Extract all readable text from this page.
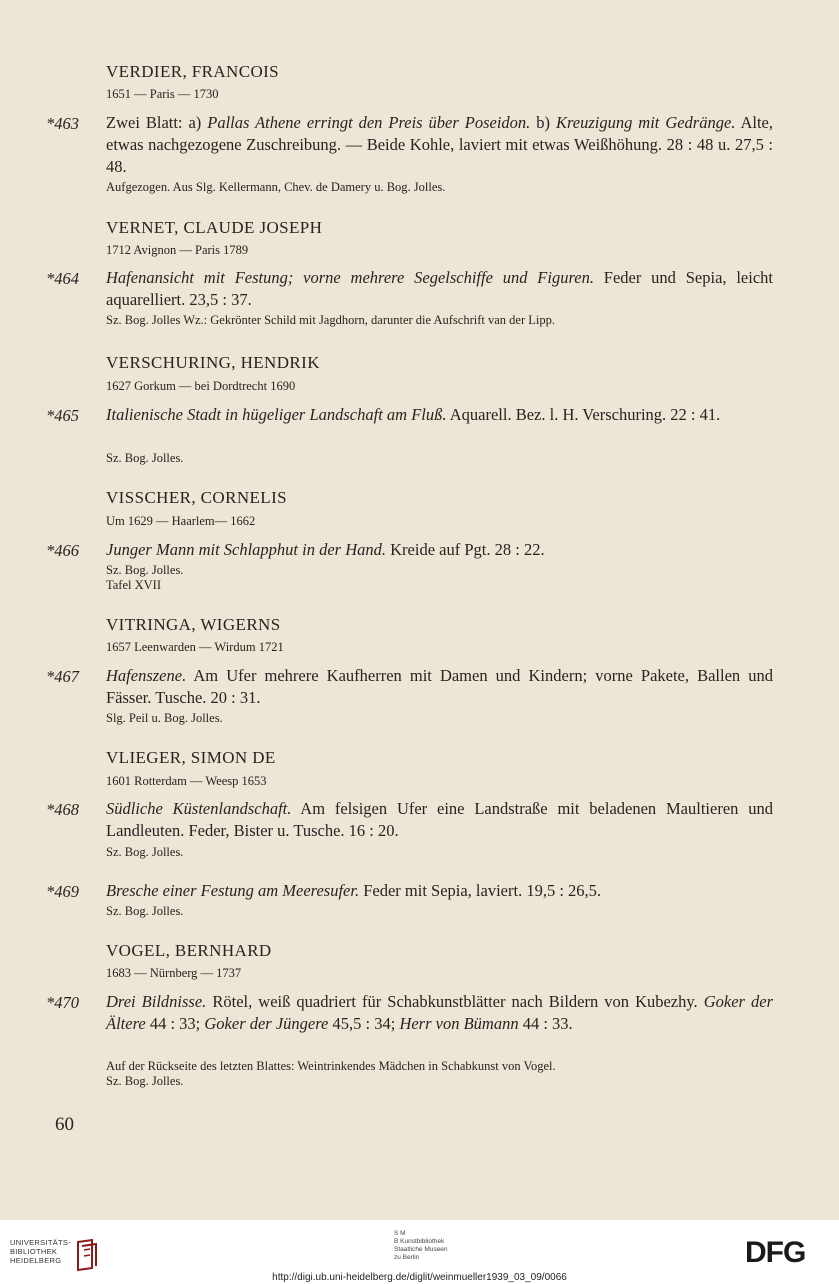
VERDIER, FRANCOIS
1651 — Paris — 1730
*463	Zwei Blatt: a) Pallas Athene erringt den Preis über Poseidon. b) Kreuzigung mit Gedränge. Alte, etwas nachgezogene Zuschreibung. — Beide Kohle, laviert mit etwas Weißhöhung. 28 : 48 u. 27,5 : 48.
Aufgezogen. Aus Slg. Kellermann, Chev. de Damery u. Bog. Jolles.
VERNET, CLAUDE JOSEPH
1712 Avignon — Paris 1789
*464	Hafenansicht mit Festung; vorne mehrere Segelschiffe und Figuren. Feder und Sepia, leicht aquarelliert. 23,5 : 37.
Sz. Bog. Jolles Wz.: Gekrönter Schild mit Jagdhorn, darunter die Aufschrift van der Lipp.
VERSCHURING, HENDRIK
1627 Gorkum — bei Dordtrecht 1690
*465	Italienische Stadt in hügeliger Landschaft am Fluß. Aquarell. Bez. l. H. Verschuring. 22 : 41.
Sz. Bog. Jolles.
VISSCHER, CORNELIS
Um 1629 — Haarlem— 1662
*466	Junger Mann mit Schlapphut in der Hand. Kreide auf Pgt. 28 : 22.
Sz. Bog. Jolles.
Tafel XVII
VITRINGA, WIGERNS
1657 Leenwarden — Wirdum 1721
*467	Hafenszene. Am Ufer mehrere Kaufherren mit Damen und Kindern; vorne Pakete, Ballen und Fässer. Tusche. 20 : 31.
Slg. Peil u. Bog. Jolles.
VLIEGER, SIMON DE
1601 Rotterdam — Weesp 1653
*468	Südliche Küstenlandschaft. Am felsigen Ufer eine Landstraße mit beladenen Maultieren und Landleuten. Feder, Bister u. Tusche. 16 : 20.
Sz. Bog. Jolles.
*469	Bresche einer Festung am Meeresufer. Feder mit Sepia, laviert. 19,5 : 26,5.
Sz. Bog. Jolles.
VOGEL, BERNHARD
1683 — Nürnberg — 1737
*470	Drei Bildnisse. Rötel, weiß quadriert für Schabkunstblätter nach Bildern von Kubezhy. Goker der Ältere 44 : 33; Goker der Jüngere 45,5 : 34; Herr von Bümann 44 : 33.
Auf der Rückseite des letzten Blattes: Weintrinkendes Mädchen in Schabkunst von Vogel.
Sz. Bog. Jolles.
60
UNIVERSITÄTS-
BIBLIOTHEK
HEIDELBERG
S M
B Kunstbibliothek
Staatliche Museen
zu Berlin	DFG
http://digi.ub.uni-heidelberg.de/diglit/weinmueller1939_03_09/0066
